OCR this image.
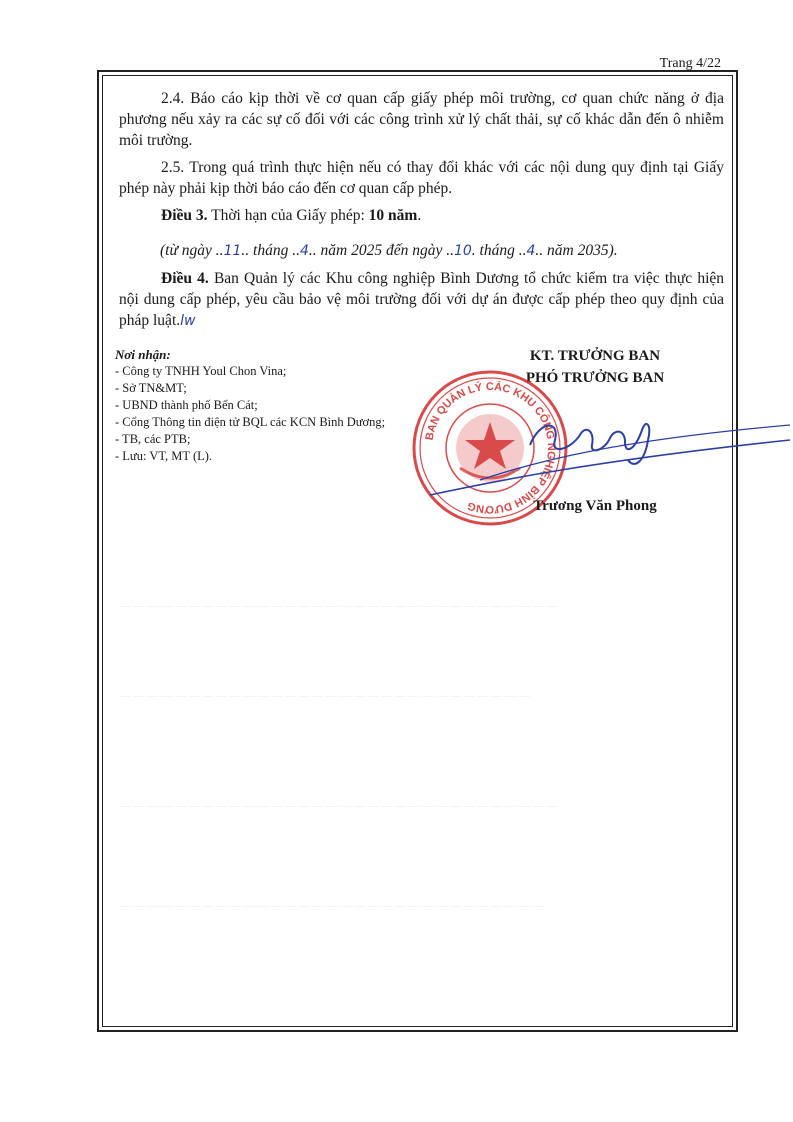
— — — — — — — — — — — — — — — — — — — — — — — — — — — — — — — —
— — — — — — — — — — — — — — — — — — — — — — — — — — — — — —
— — — — — — — — — — — — — — — — — — — — — — — — — — — — — — — —
— — — — — — — — — — — — — — — — — — — — — — — — — — — — — — —
Trang 4/22

2.4. Báo cáo kịp thời về cơ quan cấp giấy phép môi trường, cơ quan chức năng ở địa phương nếu xảy ra các sự cố đối với các công trình xử lý chất thải, sự cố khác dẫn đến ô nhiễm môi trường.

2.5. Trong quá trình thực hiện nếu có thay đổi khác với các nội dung quy định tại Giấy phép này phải kịp thời báo cáo đến cơ quan cấp phép.

Điều 3. Thời hạn của Giấy phép: 10 năm.

(từ ngày ..11.. tháng ..4.. năm 2025 đến ngày ..10. tháng ..4.. năm 2035).

Điều 4. Ban Quản lý các Khu công nghiệp Bình Dương tổ chức kiểm tra việc thực hiện nội dung cấp phép, yêu cầu bảo vệ môi trường đối với dự án được cấp phép theo quy định của pháp luật.lw

Nơi nhận:
- Công ty TNHH Youl Chon Vina;
- Sở TN&MT;
- UBND thành phố Bến Cát;
- Cổng Thông tin điện tử BQL các KCN Bình Dương;
- TB, các PTB;
- Lưu: VT, MT (L).
KT. TRƯỞNG BAN
PHÓ TRƯỞNG BAN
BAN QUẢN LÝ CÁC KHU CÔNG NGHIỆP BÌNH DƯƠNG	Trương Văn Phong
